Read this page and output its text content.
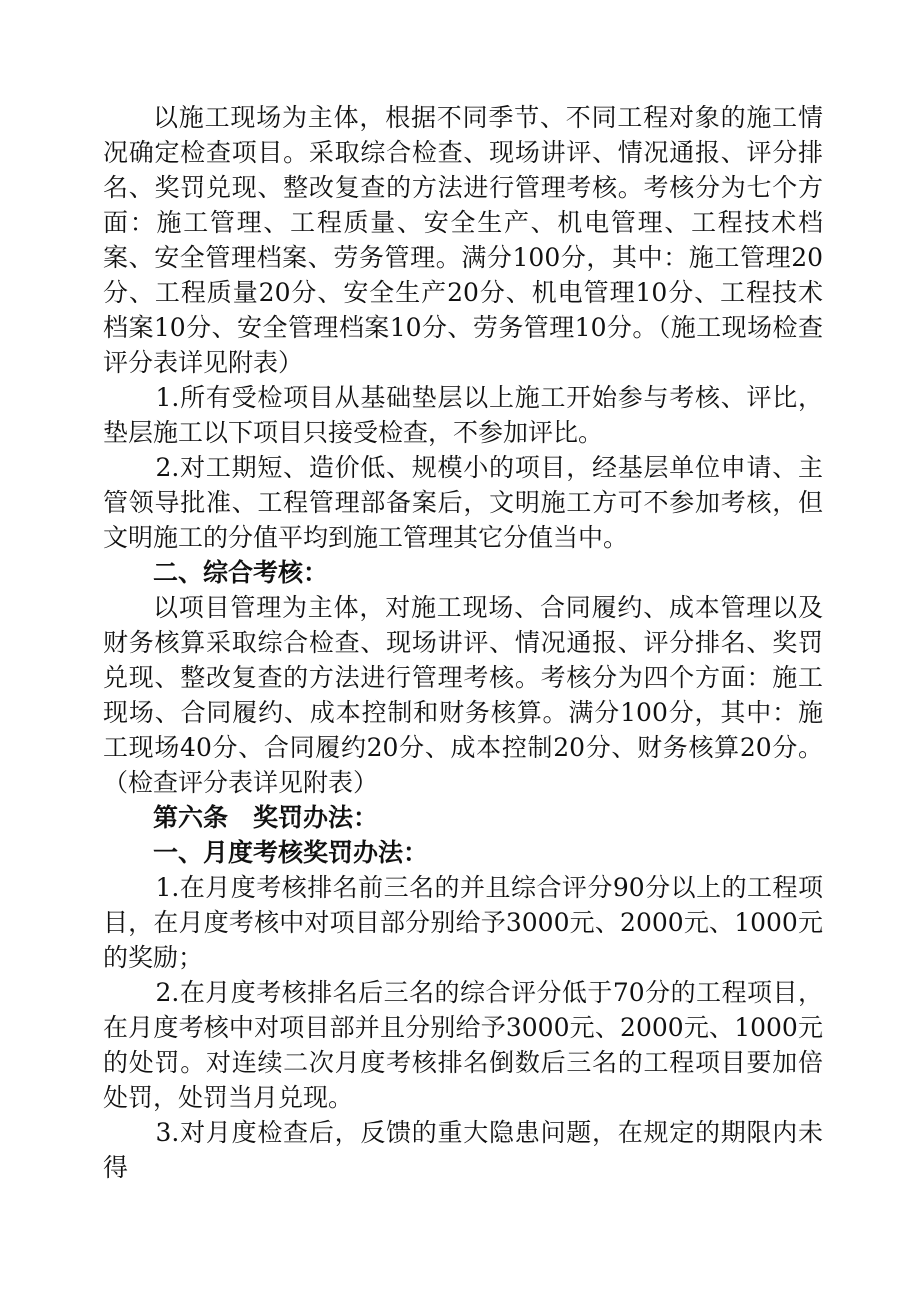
以施工现场为主体，根据不同季节、不同工程对象的施工情况确定检查项目。采取综合检查、现场讲评、情况通报、评分排名、奖罚兑现、整改复查的方法进行管理考核。考核分为七个方面：施工管理、工程质量、安全生产、机电管理、工程技术档案、安全管理档案、劳务管理。满分100分，其中：施工管理20分、工程质量20分、安全生产20分、机电管理10分、工程技术档案10分、安全管理档案10分、劳务管理10分。（施工现场检查评分表详见附表）

1.所有受检项目从基础垫层以上施工开始参与考核、评比，垫层施工以下项目只接受检查，不参加评比。

2.对工期短、造价低、规模小的项目，经基层单位申请、主管领导批准、工程管理部备案后，文明施工方可不参加考核，但文明施工的分值平均到施工管理其它分值当中。

二、综合考核：

以项目管理为主体，对施工现场、合同履约、成本管理以及财务核算采取综合检查、现场讲评、情况通报、评分排名、奖罚兑现、整改复查的方法进行管理考核。考核分为四个方面：施工现场、合同履约、成本控制和财务核算。满分100分，其中：施工现场40分、合同履约20分、成本控制20分、财务核算20分。（检查评分表详见附表）

第六条　奖罚办法：

一、月度考核奖罚办法：

1.在月度考核排名前三名的并且综合评分90分以上的工程项目，在月度考核中对项目部分别给予3000元、2000元、1000元的奖励；

2.在月度考核排名后三名的综合评分低于70分的工程项目，在月度考核中对项目部并且分别给予3000元、2000元、1000元的处罚。对连续二次月度考核排名倒数后三名的工程项目要加倍处罚，处罚当月兑现。

3.对月度检查后，反馈的重大隐患问题，在规定的期限内未得
